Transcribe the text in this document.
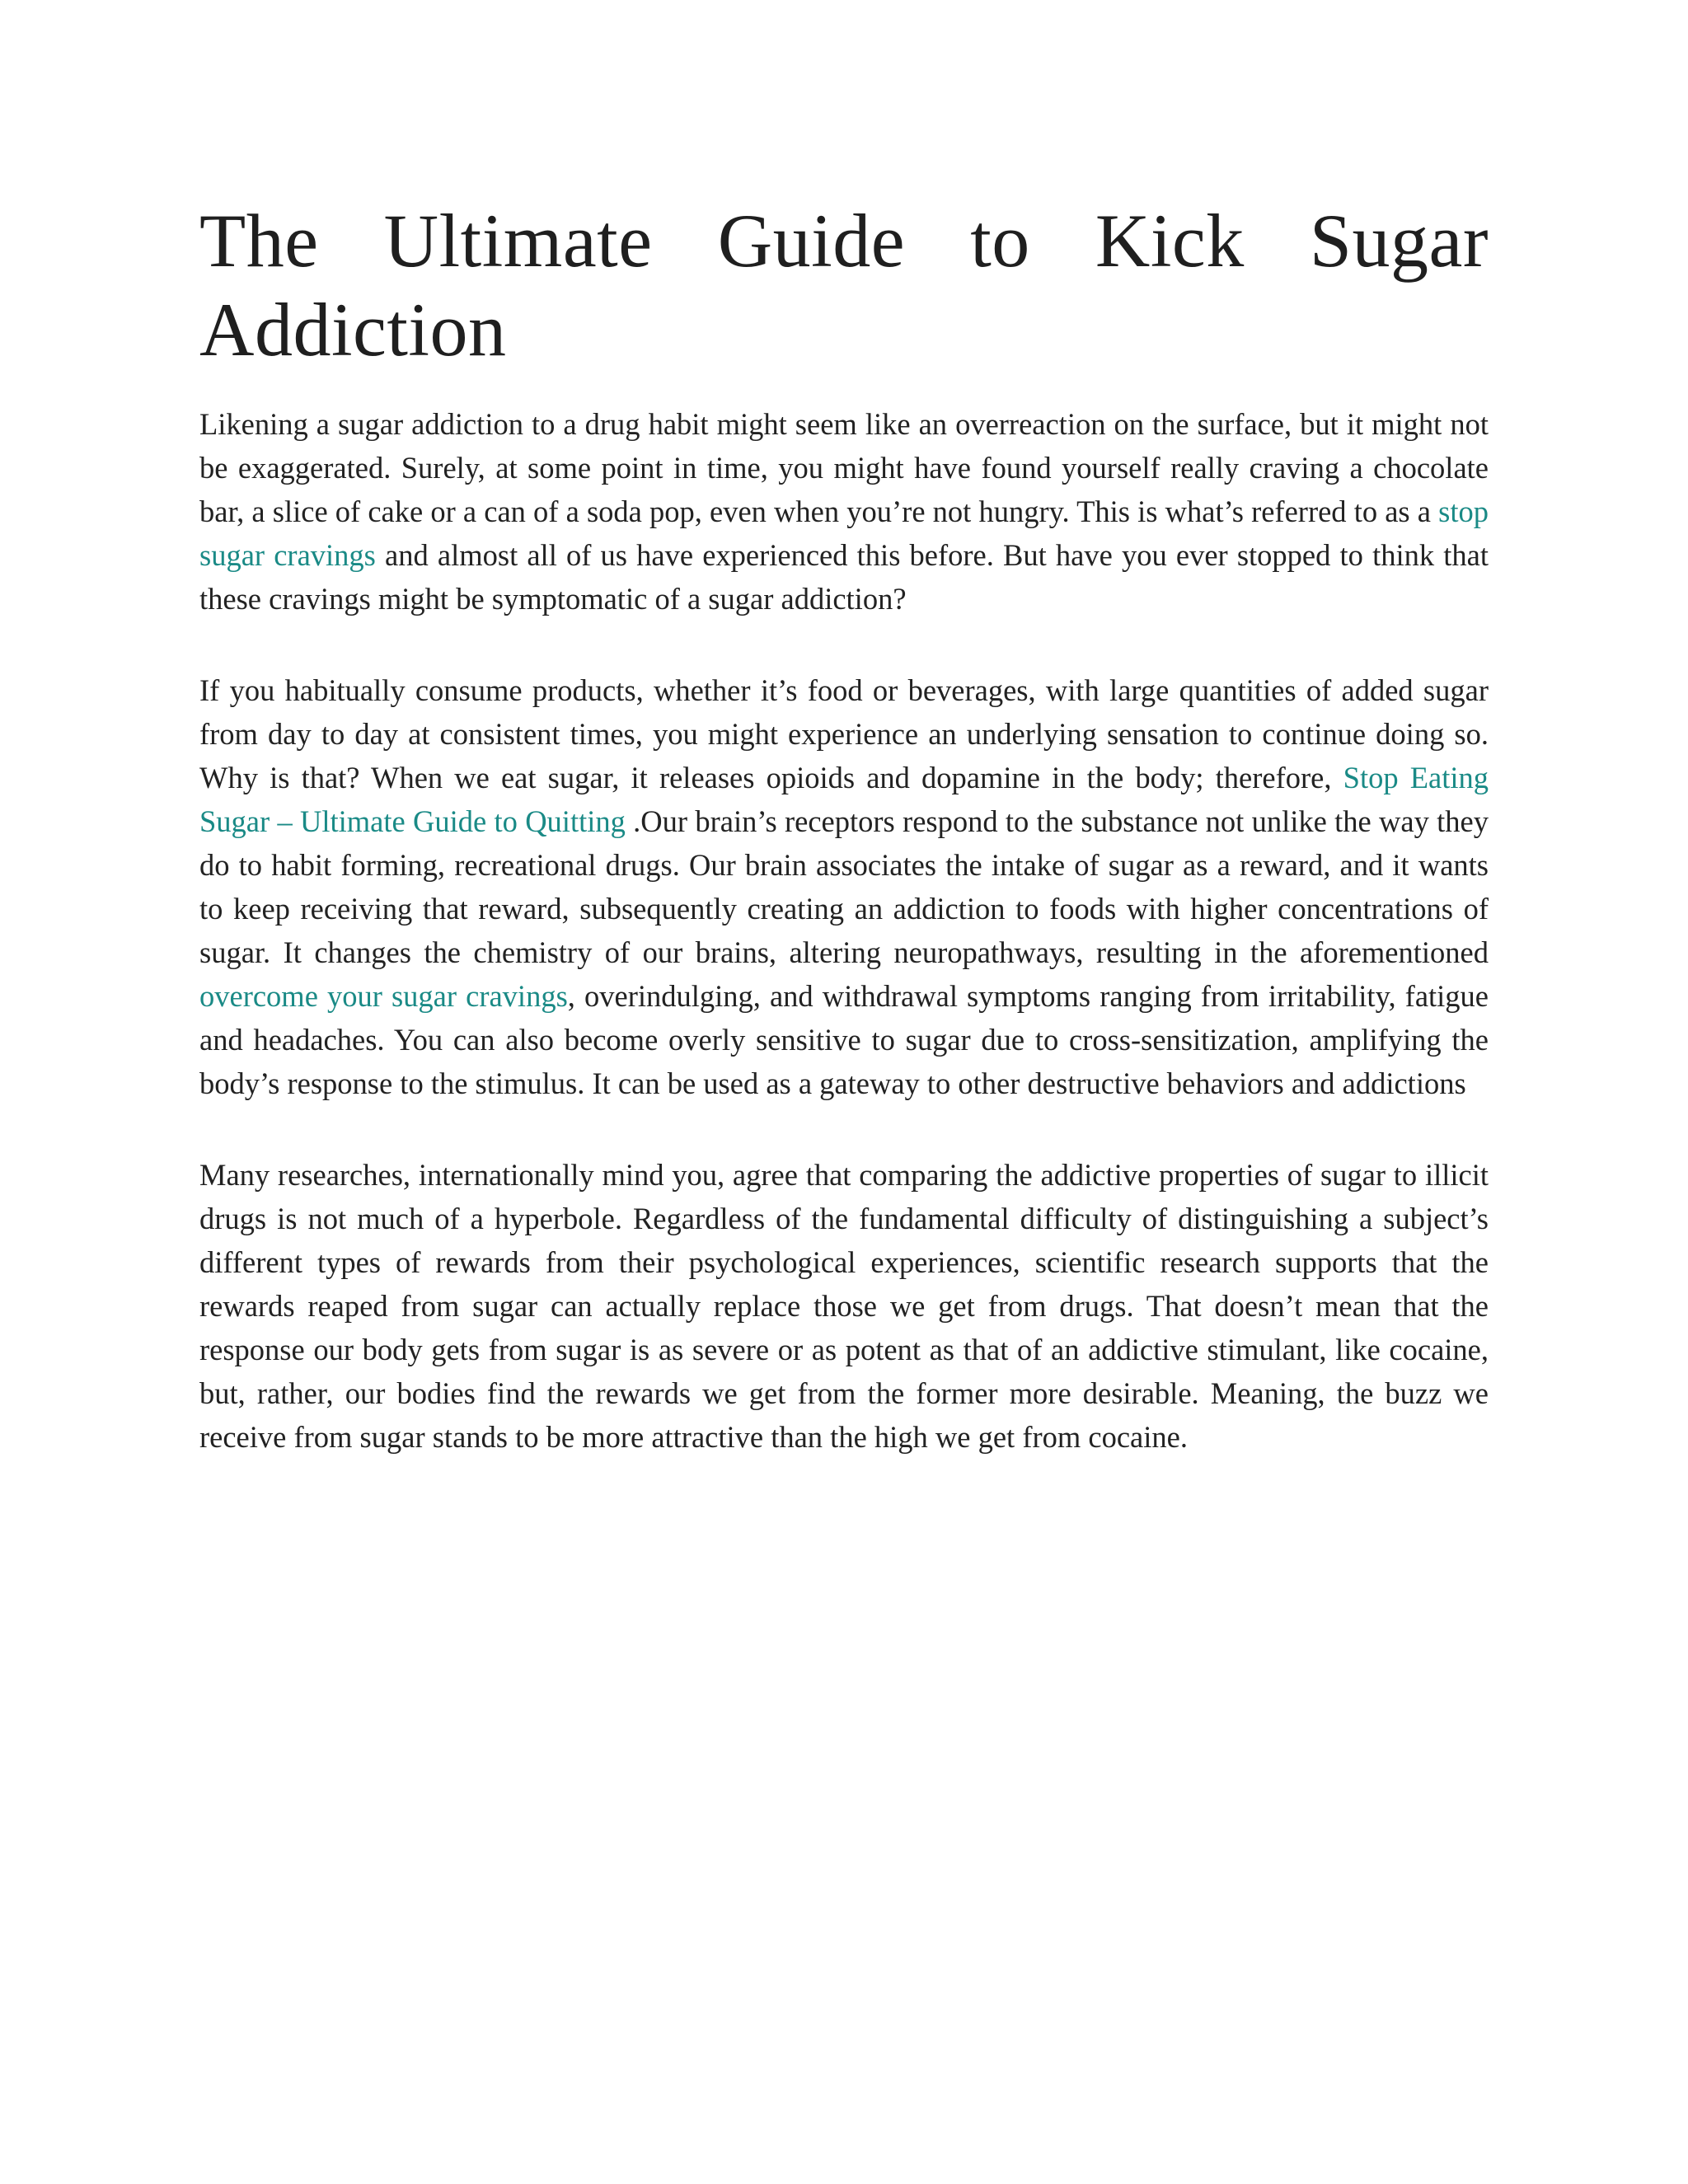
The Ultimate Guide to Kick Sugar
Addiction

Likening a sugar addiction to a drug habit might seem like an overreaction on the surface, but it might not be exaggerated. Surely, at some point in time, you might have found yourself really craving a chocolate bar, a slice of cake or a can of a soda pop, even when you’re not hungry. This is what’s referred to as a stop sugar cravings and almost all of us have experienced this before. But have you ever stopped to think that these cravings might be symptomatic of a sugar addiction?

If you habitually consume products, whether it’s food or beverages, with large quantities of added sugar from day to day at consistent times, you might experience an underlying sensation to continue doing so. Why is that? When we eat sugar, it releases opioids and dopamine in the body; therefore, Stop Eating Sugar – Ultimate Guide to Quitting .Our brain’s receptors respond to the substance not unlike the way they do to habit forming, recreational drugs. Our brain associates the intake of sugar as a reward, and it wants to keep receiving that reward, subsequently creating an addiction to foods with higher concentrations of sugar. It changes the chemistry of our brains, altering neuropathways, resulting in the aforementioned overcome your sugar cravings, overindulging, and withdrawal symptoms ranging from irritability, fatigue and headaches. You can also become overly sensitive to sugar due to cross-sensitization, amplifying the body’s response to the stimulus. It can be used as a gateway to other destructive behaviors and addictions

Many researches, internationally mind you, agree that comparing the addictive properties of sugar to illicit drugs is not much of a hyperbole. Regardless of the fundamental difficulty of distinguishing a subject’s different types of rewards from their psychological experiences, scientific research supports that the rewards reaped from sugar can actually replace those we get from drugs. That doesn’t mean that the response our body gets from sugar is as severe or as potent as that of an addictive stimulant, like cocaine, but, rather, our bodies find the rewards we get from the former more desirable. Meaning, the buzz we receive from sugar stands to be more attractive than the high we get from cocaine.
